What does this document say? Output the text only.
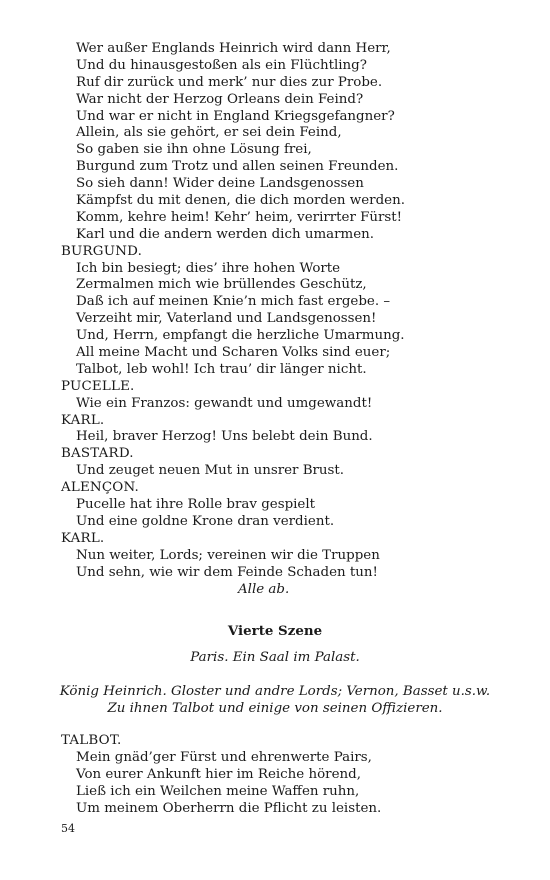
Wer außer Englands Heinrich wird dann Herr,
Und du hinausgestoßen als ein Flüchtling?
Ruf dir zurück und merk’ nur dies zur Probe.
War nicht der Herzog Orleans dein Feind?
Und war er nicht in England Kriegsgefangner?
Allein, als sie gehört, er sei dein Feind,
So gaben sie ihn ohne Lösung frei,
Burgund zum Trotz und allen seinen Freunden.
So sieh dann! Wider deine Landsgenossen
Kämpfst du mit denen, die dich morden werden.
Komm, kehre heim! Kehr’ heim, verirrter Fürst!
Karl und die andern werden dich umarmen.
BURGUND.
Ich bin besiegt; dies’ ihre hohen Worte
Zermalmen mich wie brüllendes Geschütz,
Daß ich auf meinen Knie’n mich fast ergebe. –
Verzeiht mir, Vaterland und Landsgenossen!
Und, Herrn, empfangt die herzliche Umarmung.
All meine Macht und Scharen Volks sind euer;
Talbot, leb wohl! Ich trau’ dir länger nicht.
PUCELLE.
Wie ein Franzos: gewandt und umgewandt!
KARL.
Heil, braver Herzog! Uns belebt dein Bund.
BASTARD.
Und zeuget neuen Mut in unsrer Brust.
ALENÇON.
Pucelle hat ihre Rolle brav gespielt
Und eine goldne Krone dran verdient.
KARL.
Nun weiter, Lords; vereinen wir die Truppen
Und sehn, wie wir dem Feinde Schaden tun!
Alle ab.
Vierte Szene
Paris. Ein Saal im Palast.
König Heinrich. Gloster und andre Lords; Vernon, Basset u.s.w.
Zu ihnen Talbot und einige von seinen Offizieren.
TALBOT.
Mein gnäd’ger Fürst und ehrenwerte Pairs,
Von eurer Ankunft hier im Reiche hörend,
Ließ ich ein Weilchen meine Waffen ruhn,
Um meinem Oberherrn die Pflicht zu leisten.
54
